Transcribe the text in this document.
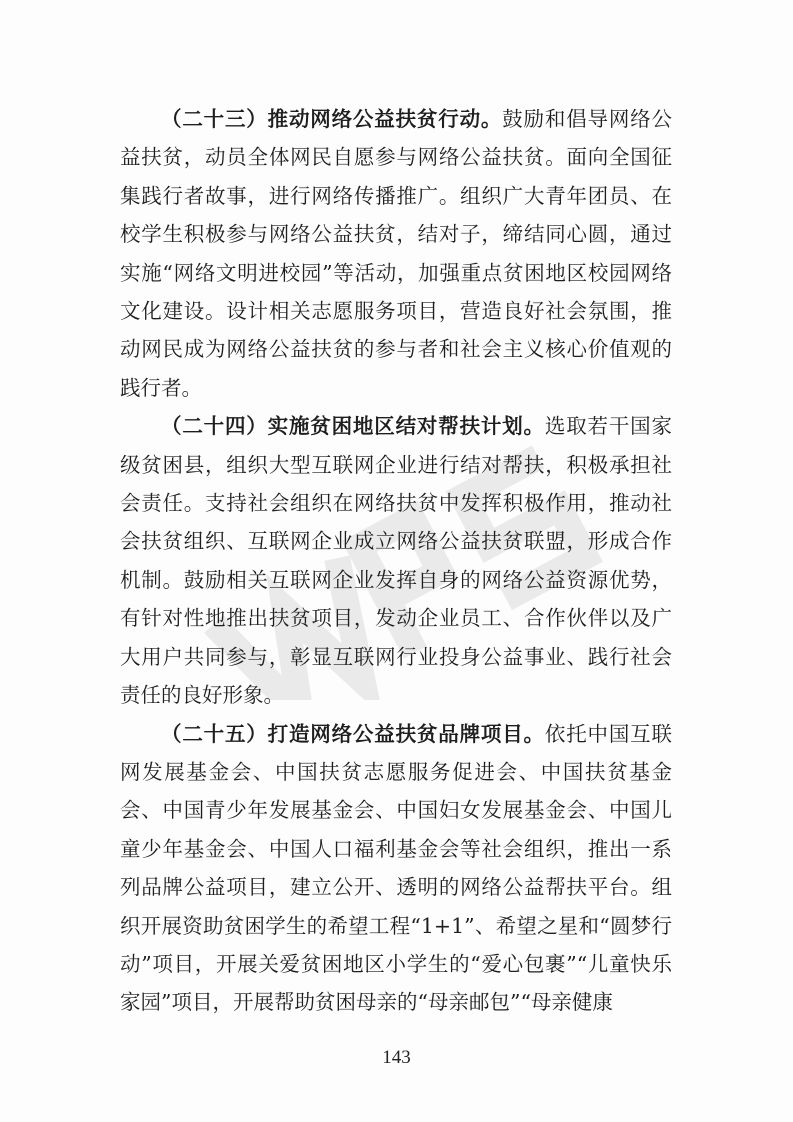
（二十三）推动网络公益扶贫行动。鼓励和倡导网络公益扶贫，动员全体网民自愿参与网络公益扶贫。面向全国征集践行者故事，进行网络传播推广。组织广大青年团员、在校学生积极参与网络公益扶贫，结对子，缔结同心圆，通过实施“网络文明进校园”等活动，加强重点贫困地区校园网络文化建设。设计相关志愿服务项目，营造良好社会氛围，推动网民成为网络公益扶贫的参与者和社会主义核心价值观的践行者。

（二十四）实施贫困地区结对帮扶计划。选取若干国家级贫困县，组织大型互联网企业进行结对帮扶，积极承担社会责任。支持社会组织在网络扶贫中发挥积极作用，推动社会扶贫组织、互联网企业成立网络公益扶贫联盟，形成合作机制。鼓励相关互联网企业发挥自身的网络公益资源优势，有针对性地推出扶贫项目，发动企业员工、合作伙伴以及广大用户共同参与，彰显互联网行业投身公益事业、践行社会责任的良好形象。

（二十五）打造网络公益扶贫品牌项目。依托中国互联网发展基金会、中国扶贫志愿服务促进会、中国扶贫基金会、中国青少年发展基金会、中国妇女发展基金会、中国儿童少年基金会、中国人口福利基金会等社会组织，推出一系列品牌公益项目，建立公开、透明的网络公益帮扶平台。组织开展资助贫困学生的希望工程“1+1”、希望之星和“圆梦行动”项目，开展关爱贫困地区小学生的“爱心包裹”“儿童快乐家园”项目，开展帮助贫困母亲的“母亲邮包”“母亲健康

143
